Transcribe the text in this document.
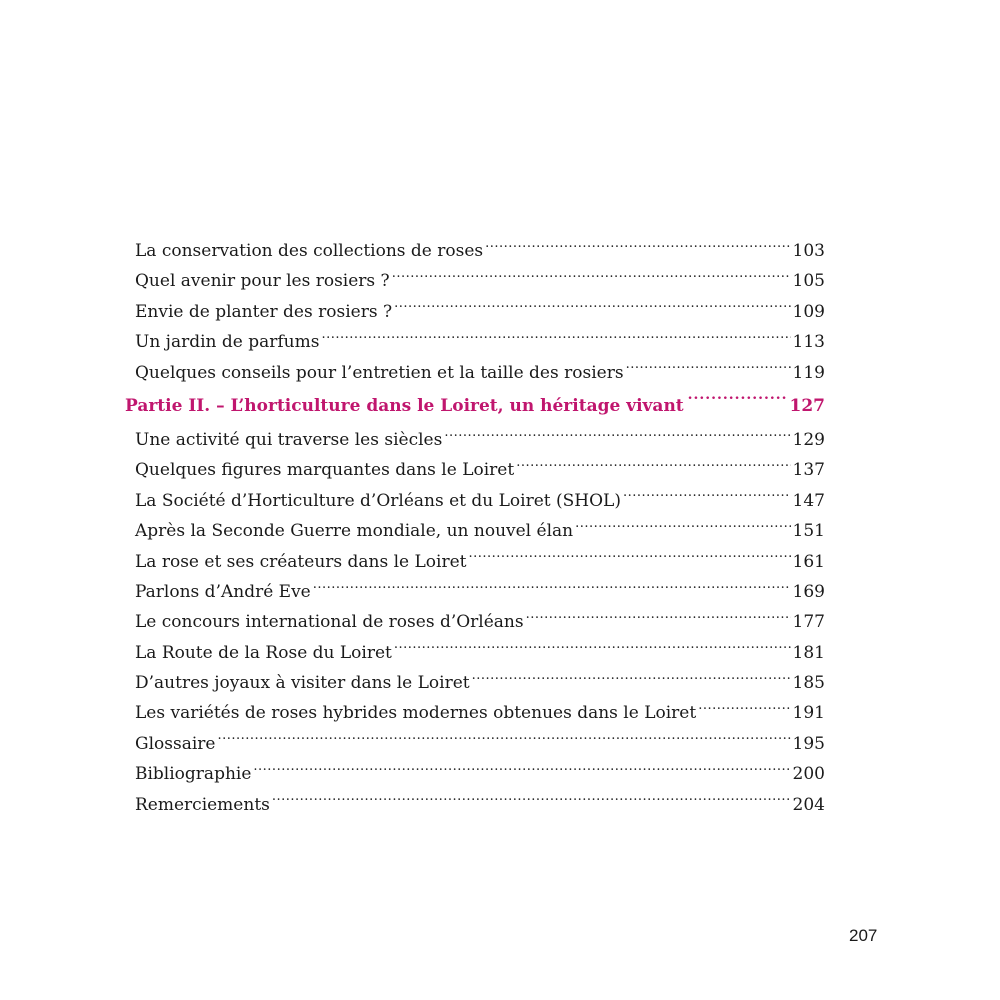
La conservation des collections de roses .....	103
Quel avenir pour les rosiers ? .....	105
Envie de planter des rosiers ? .....	109
Un jardin de parfums .....	113
Quelques conseils pour l’entretien et la taille des rosiers .....	119
Partie II. – L’horticulture dans le Loiret, un héritage vivant .....	127
Une activité qui traverse les siècles .....	129
Quelques figures marquantes dans le Loiret .....	137
La Société d’Horticulture d’Orléans et du Loiret (SHOL) .....	147
Après la Seconde Guerre mondiale, un nouvel élan .....	151
La rose et ses créateurs dans le Loiret .....	161
Parlons d’André Eve .....	169
Le concours international de roses d’Orléans .....	177
La Route de la Rose du Loiret .....	181
D’autres joyaux à visiter dans le Loiret .....	185
Les variétés de roses hybrides modernes obtenues dans le Loiret .....	191
Glossaire .....	195
Bibliographie .....	200
Remerciements .....	204
207
